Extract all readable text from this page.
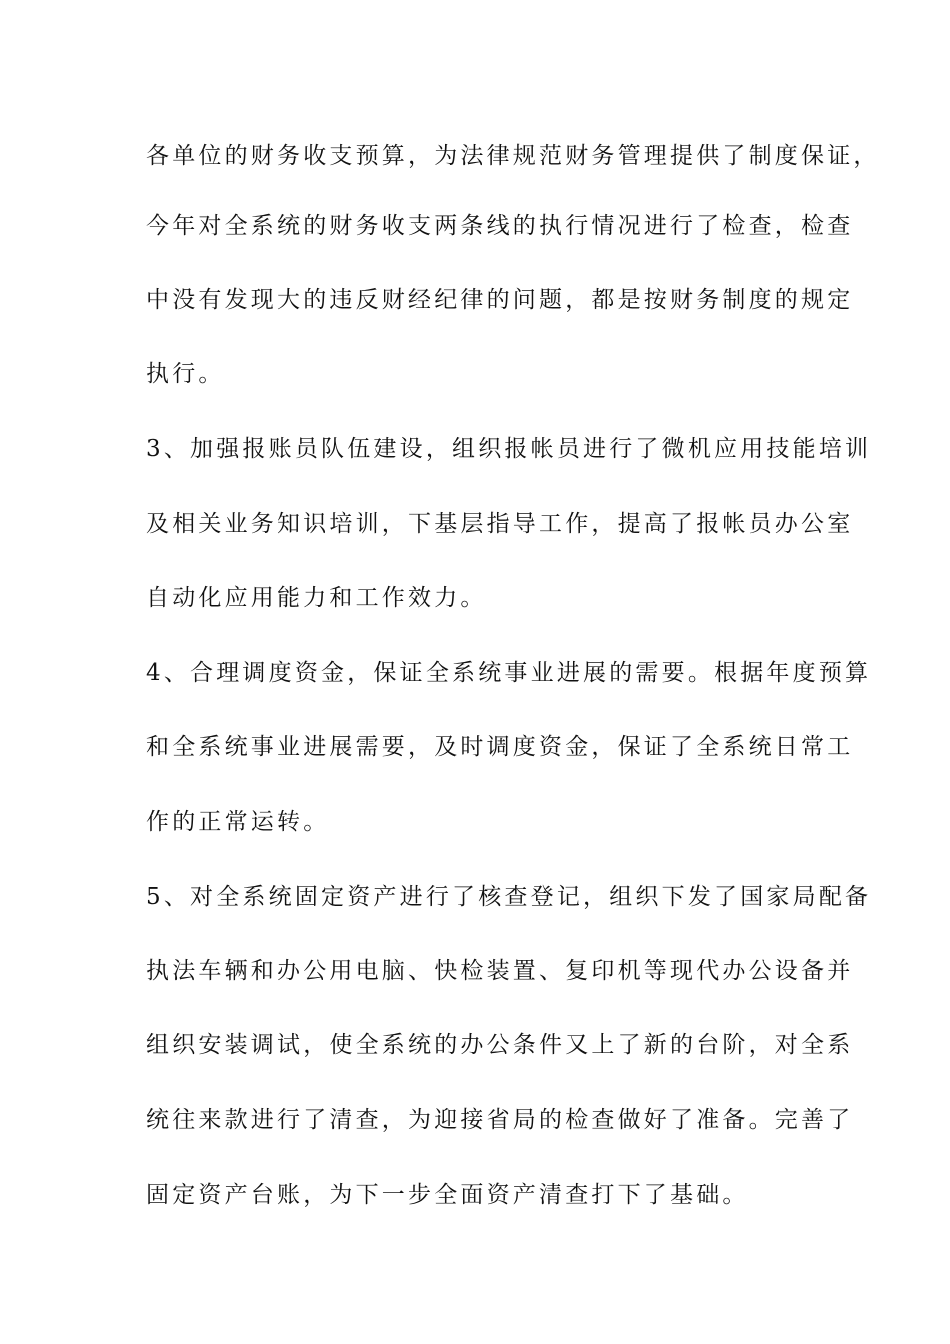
各单位的财务收支预算，为法律规范财务管理提供了制度保证，
今年对全系统的财务收支两条线的执行情况进行了检查，检查
中没有发现大的违反财经纪律的问题，都是按财务制度的规定
执行。
3、加强报账员队伍建设，组织报帐员进行了微机应用技能培训
及相关业务知识培训，下基层指导工作，提高了报帐员办公室
自动化应用能力和工作效力。
4、合理调度资金，保证全系统事业进展的需要。根据年度预算
和全系统事业进展需要，及时调度资金，保证了全系统日常工
作的正常运转。
5、对全系统固定资产进行了核查登记，组织下发了国家局配备
执法车辆和办公用电脑、快检装置、复印机等现代办公设备并
组织安装调试，使全系统的办公条件又上了新的台阶，对全系
统往来款进行了清查，为迎接省局的检查做好了准备。完善了
固定资产台账，为下一步全面资产清查打下了基础。
